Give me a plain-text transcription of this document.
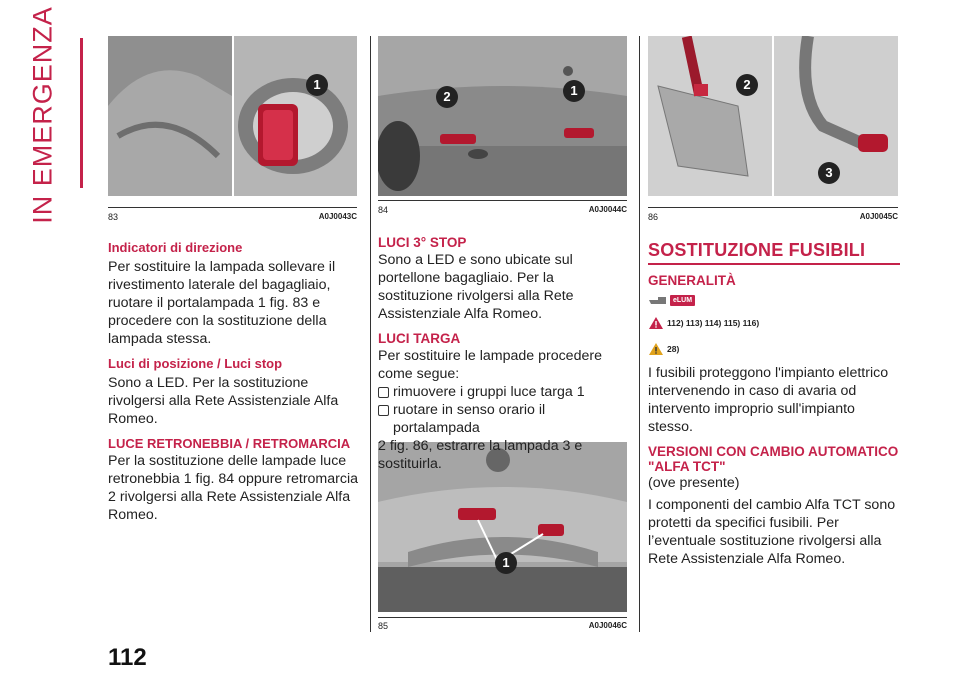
IN EMERGENZA	1
83	A0J0043C
2	1
84	A0J0044C
1
85	A0J0046C
2
3
86	A0J0045C
Indicatori di direzione
Per sostituire la lampada sollevare il rivestimento laterale del bagagliaio, ruotare il portalampada 1 fig. 83 e procedere con la sostituzione della lampada stessa.
Luci di posizione / Luci stop
Sono a LED. Per la sostituzione rivolgersi alla Rete Assistenziale Alfa Romeo.
LUCE RETRONEBBIA / RETROMARCIA
Per la sostituzione delle lampade luce retronebbia 1 fig. 84 oppure retromarcia 2 rivolgersi alla Rete Assistenziale Alfa Romeo.
LUCI 3° STOP
Sono a LED e sono ubicate sul portellone bagagliaio. Per la sostituzione rivolgersi alla Rete Assistenziale Alfa Romeo.
LUCI TARGA
Per sostituire le lampade procedere come segue:
rimuovere i gruppi luce targa 1
ruotare in senso orario il portalampada
2 fig. 86, estrarre la lampada 3 e sostituirla.
SOSTITUZIONE FUSIBILI
GENERALITÀ
eLUM
112) 113) 114) 115) 116)
28)
I fusibili proteggono l'impianto elettrico intervenendo in caso di avaria od intervento improprio sull'impianto stesso.
VERSIONI CON CAMBIO AUTOMATICO "ALFA TCT"
(ove presente)
I componenti del cambio Alfa TCT sono protetti da specifici fusibili. Per l’eventuale sostituzione rivolgersi alla Rete Assistenziale Alfa Romeo.
112
